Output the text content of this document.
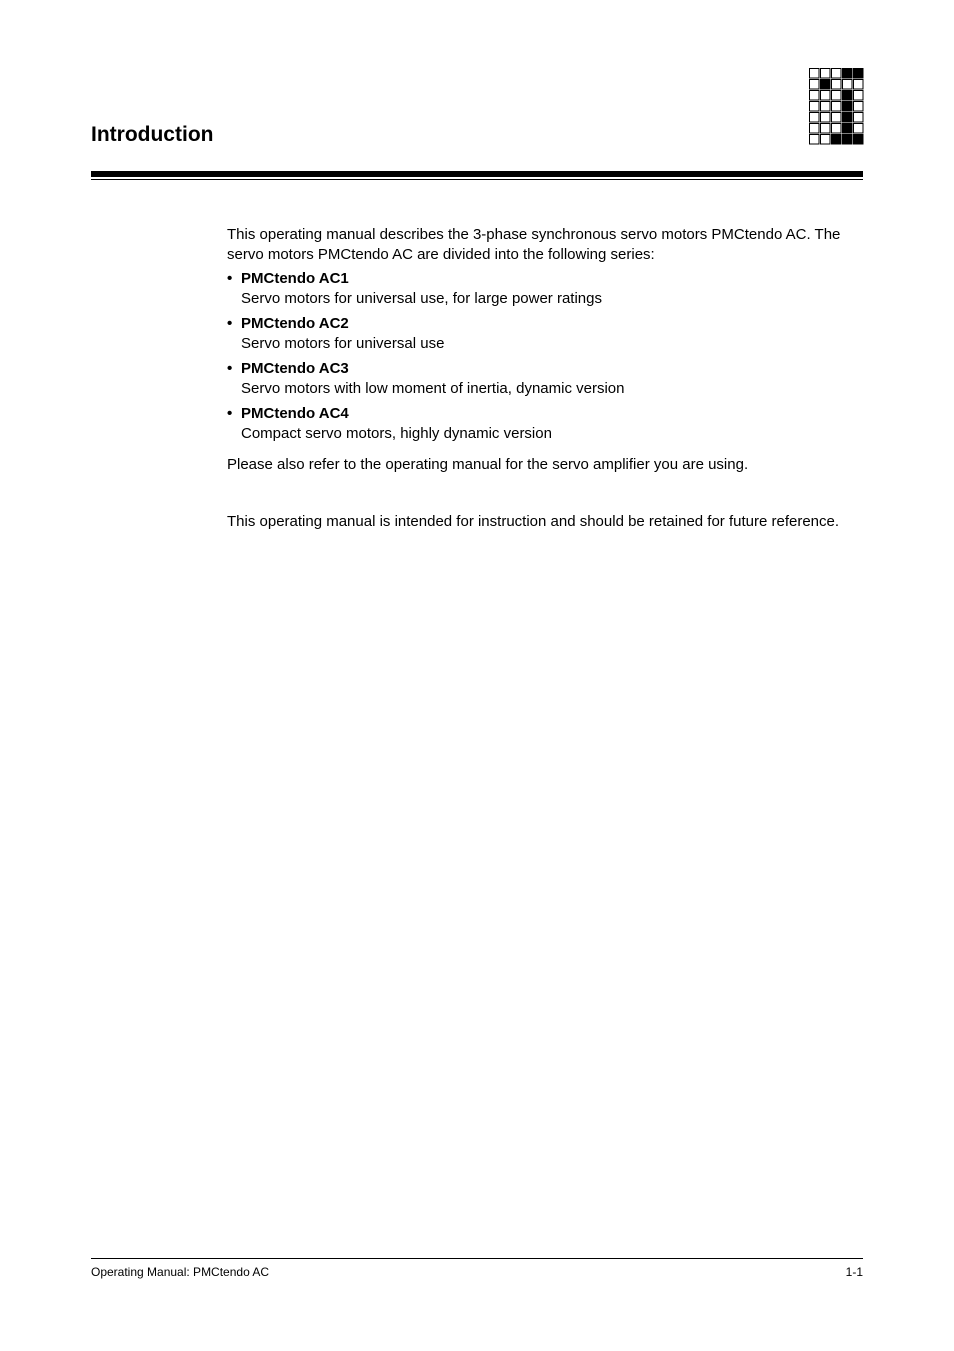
Introduction

This operating manual describes the 3-phase synchronous servo motors PMCtendo AC. The servo motors PMCtendo AC are divided into the following series:

• PMCtendo AC1
Servo motors for universal use, for large power ratings
• PMCtendo AC2
Servo motors for universal use
• PMCtendo AC3
Servo motors with low moment of inertia, dynamic version
• PMCtendo AC4
Compact servo motors, highly dynamic version

Please also refer to the operating manual for the servo amplifier you are using.

This operating manual is intended for instruction and should be retained for future reference.

Operating Manual: PMCtendo AC	1-1
